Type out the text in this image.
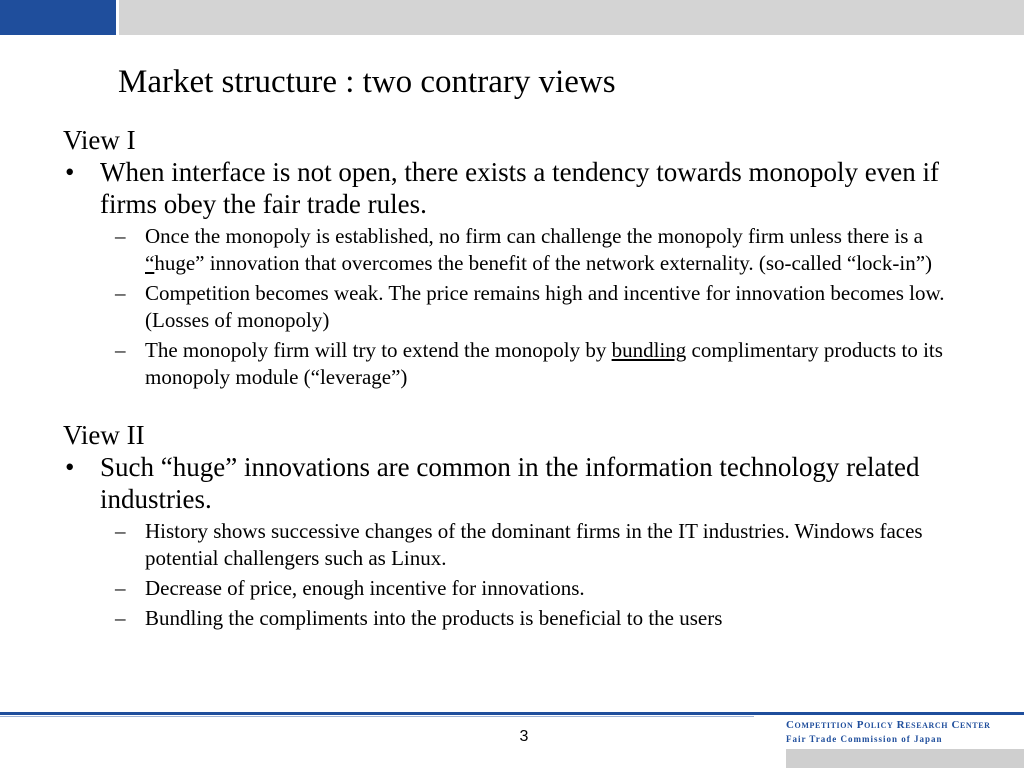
Market structure : two contrary views
View I
• When interface is not open, there exists a tendency towards monopoly even if firms obey the fair trade rules.
– Once the monopoly is established, no firm can challenge the monopoly firm unless there is a “huge” innovation that overcomes the benefit of the network externality. (so-called “lock-in”)
– Competition becomes weak. The price remains high and incentive for innovation becomes low. (Losses of monopoly)
– The monopoly firm will try to extend the monopoly by bundling complimentary products to its monopoly module (“leverage”)
View II
• Such “huge” innovations are common in the information technology related industries.
– History shows successive changes of the dominant firms in the IT industries. Windows faces potential challengers such as Linux.
– Decrease of price, enough incentive for innovations.
– Bundling the compliments into the products is beneficial to the users
3
Competition Policy Research Center
Fair Trade Commission of Japan
